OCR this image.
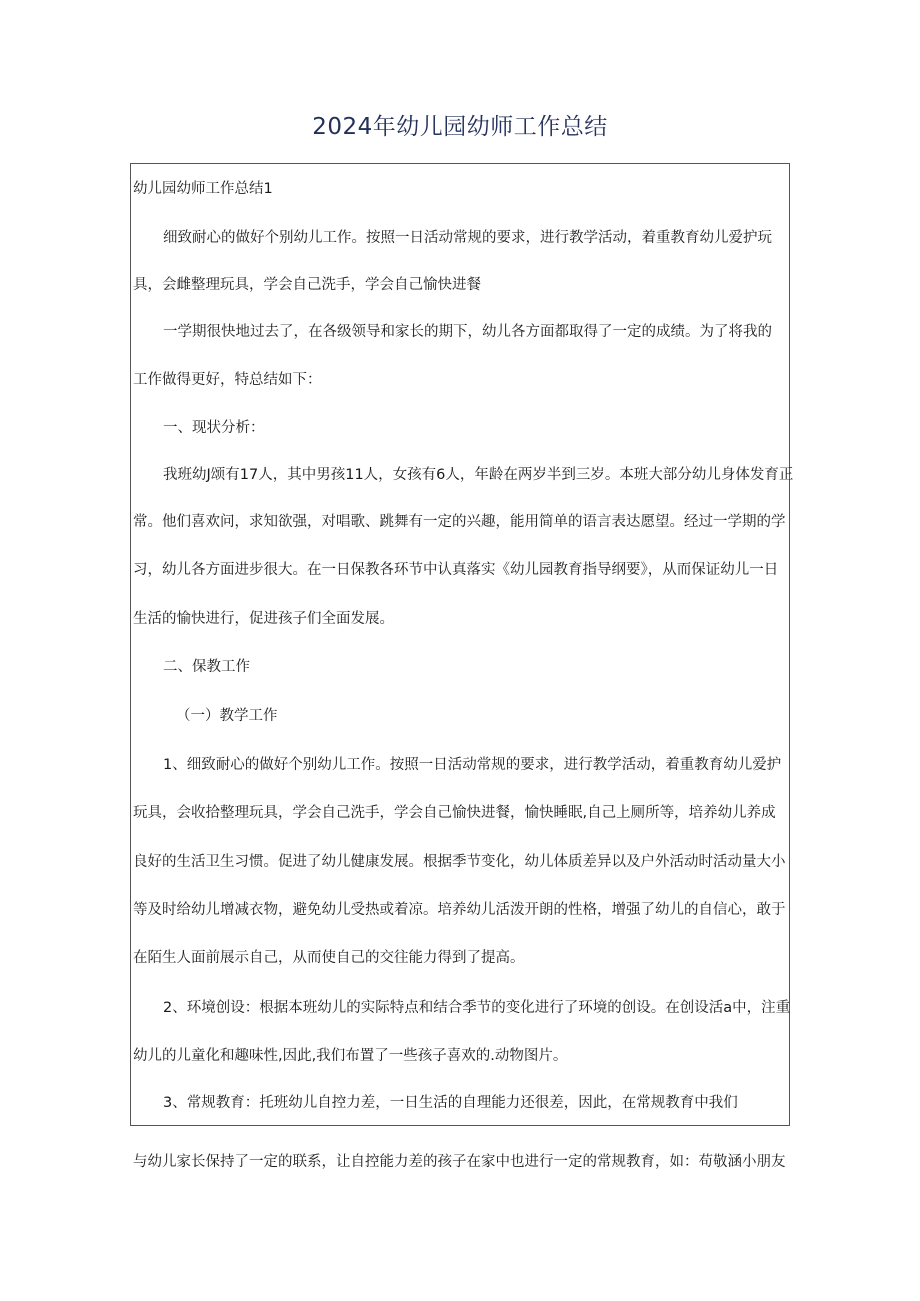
2024年幼儿园幼师工作总结
幼儿园幼师工作总结1
细致耐心的做好个别幼儿工作。按照一日活动常规的要求，进行教学活动，着重教育幼儿爱护玩
具，会雌整理玩具，学会自己洗手，学会自己愉快进餐
一学期很快地过去了，在各级领导和家长的期下，幼儿各方面都取得了一定的成绩。为了将我的
工作做得更好，特总结如下：
一、现状分析：
我班幼J颂有17人，其中男孩11人，女孩有6人，年龄在两岁半到三岁。本班大部分幼儿身体发育正
常。他们喜欢问，求知欲强，对唱歌、跳舞有一定的兴趣，能用简单的语言表达愿望。经过一学期的学
习，幼儿各方面进步很大。在一日保教各环节中认真落实《幼儿园教育指导纲要》，从而保证幼儿一日
生活的愉快进行，促进孩子们全面发展。
二、保教工作
（一）教学工作
1、细致耐心的做好个别幼儿工作。按照一日活动常规的要求，进行教学活动，着重教育幼儿爱护
玩具，会收拾整理玩具，学会自己洗手，学会自己愉快进餐，愉快睡眠,自己上厕所等，培养幼儿养成
良好的生活卫生习惯。促进了幼儿健康发展。根据季节变化，幼儿体质差异以及户外活动时活动量大小
等及时给幼儿增减衣物，避免幼儿受热或着凉。培养幼儿活泼开朗的性格，增强了幼儿的自信心，敢于
在陌生人面前展示自己，从而使自己的交往能力得到了提高。
2、环境创设：根据本班幼儿的实际特点和结合季节的变化进行了环境的创设。在创设活a中，注重
幼儿的儿童化和趣味性,因此,我们布置了一些孩子喜欢的.动物图片。
3、常规教育：托班幼儿自控力差，一日生活的自理能力还很差，因此，在常规教育中我们
与幼儿家长保持了一定的联系，让自控能力差的孩子在家中也进行一定的常规教育，如：苟敬涵小朋友
